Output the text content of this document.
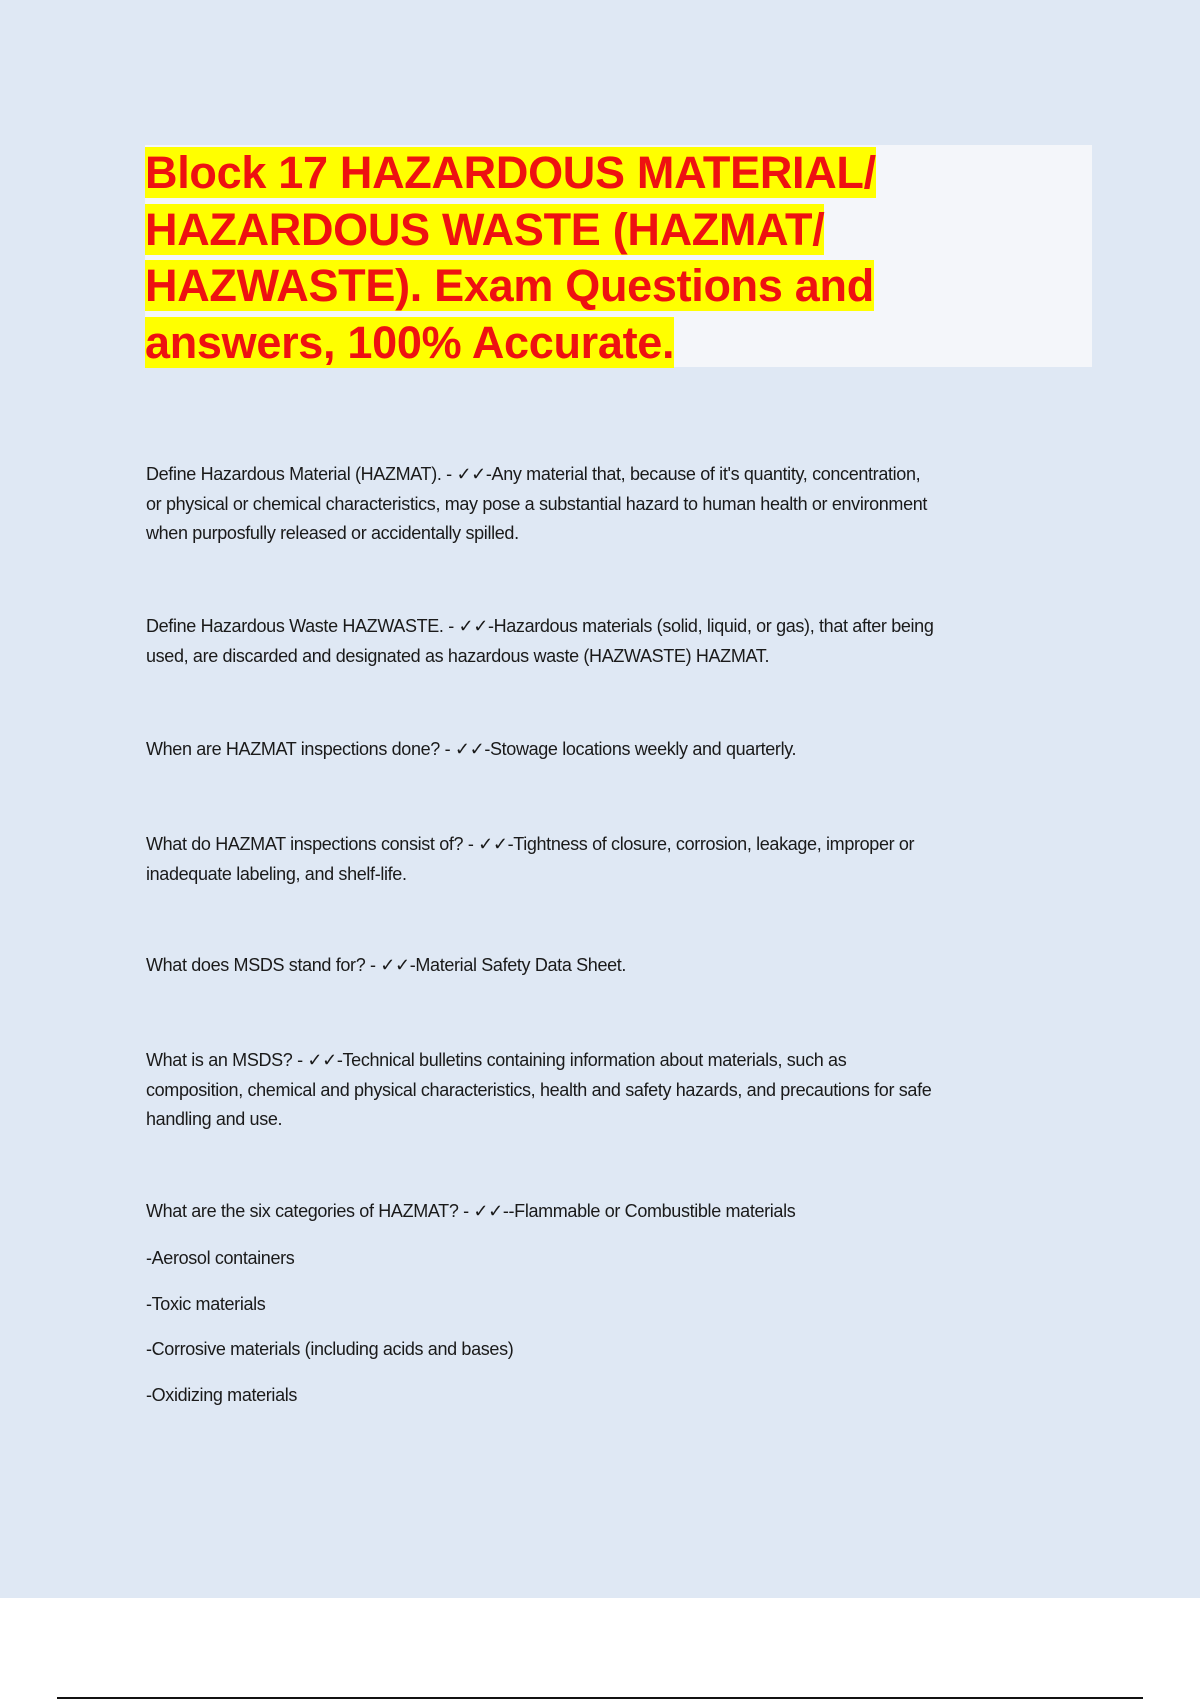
Block 17 HAZARDOUS MATERIAL/
HAZARDOUS WASTE (HAZMAT/
HAZWASTE). Exam Questions and
answers, 100% Accurate.
Define Hazardous Material (HAZMAT). - ✓✓-Any material that, because of it's quantity, concentration,
or physical or chemical characteristics, may pose a substantial hazard to human health or environment
when purposfully released or accidentally spilled.
Define Hazardous Waste HAZWASTE. - ✓✓-Hazardous materials (solid, liquid, or gas), that after being
used, are discarded and designated as hazardous waste (HAZWASTE) HAZMAT.
When are HAZMAT inspections done? - ✓✓-Stowage locations weekly and quarterly.
What do HAZMAT inspections consist of? - ✓✓-Tightness of closure, corrosion, leakage, improper or
inadequate labeling, and shelf-life.
What does MSDS stand for? - ✓✓-Material Safety Data Sheet.
What is an MSDS? - ✓✓-Technical bulletins containing information about materials, such as
composition, chemical and physical characteristics, health and safety hazards, and precautions for safe
handling and use.
What are the six categories of HAZMAT? - ✓✓--Flammable or Combustible materials
-Aerosol containers
-Toxic materials
-Corrosive materials (including acids and bases)
-Oxidizing materials
